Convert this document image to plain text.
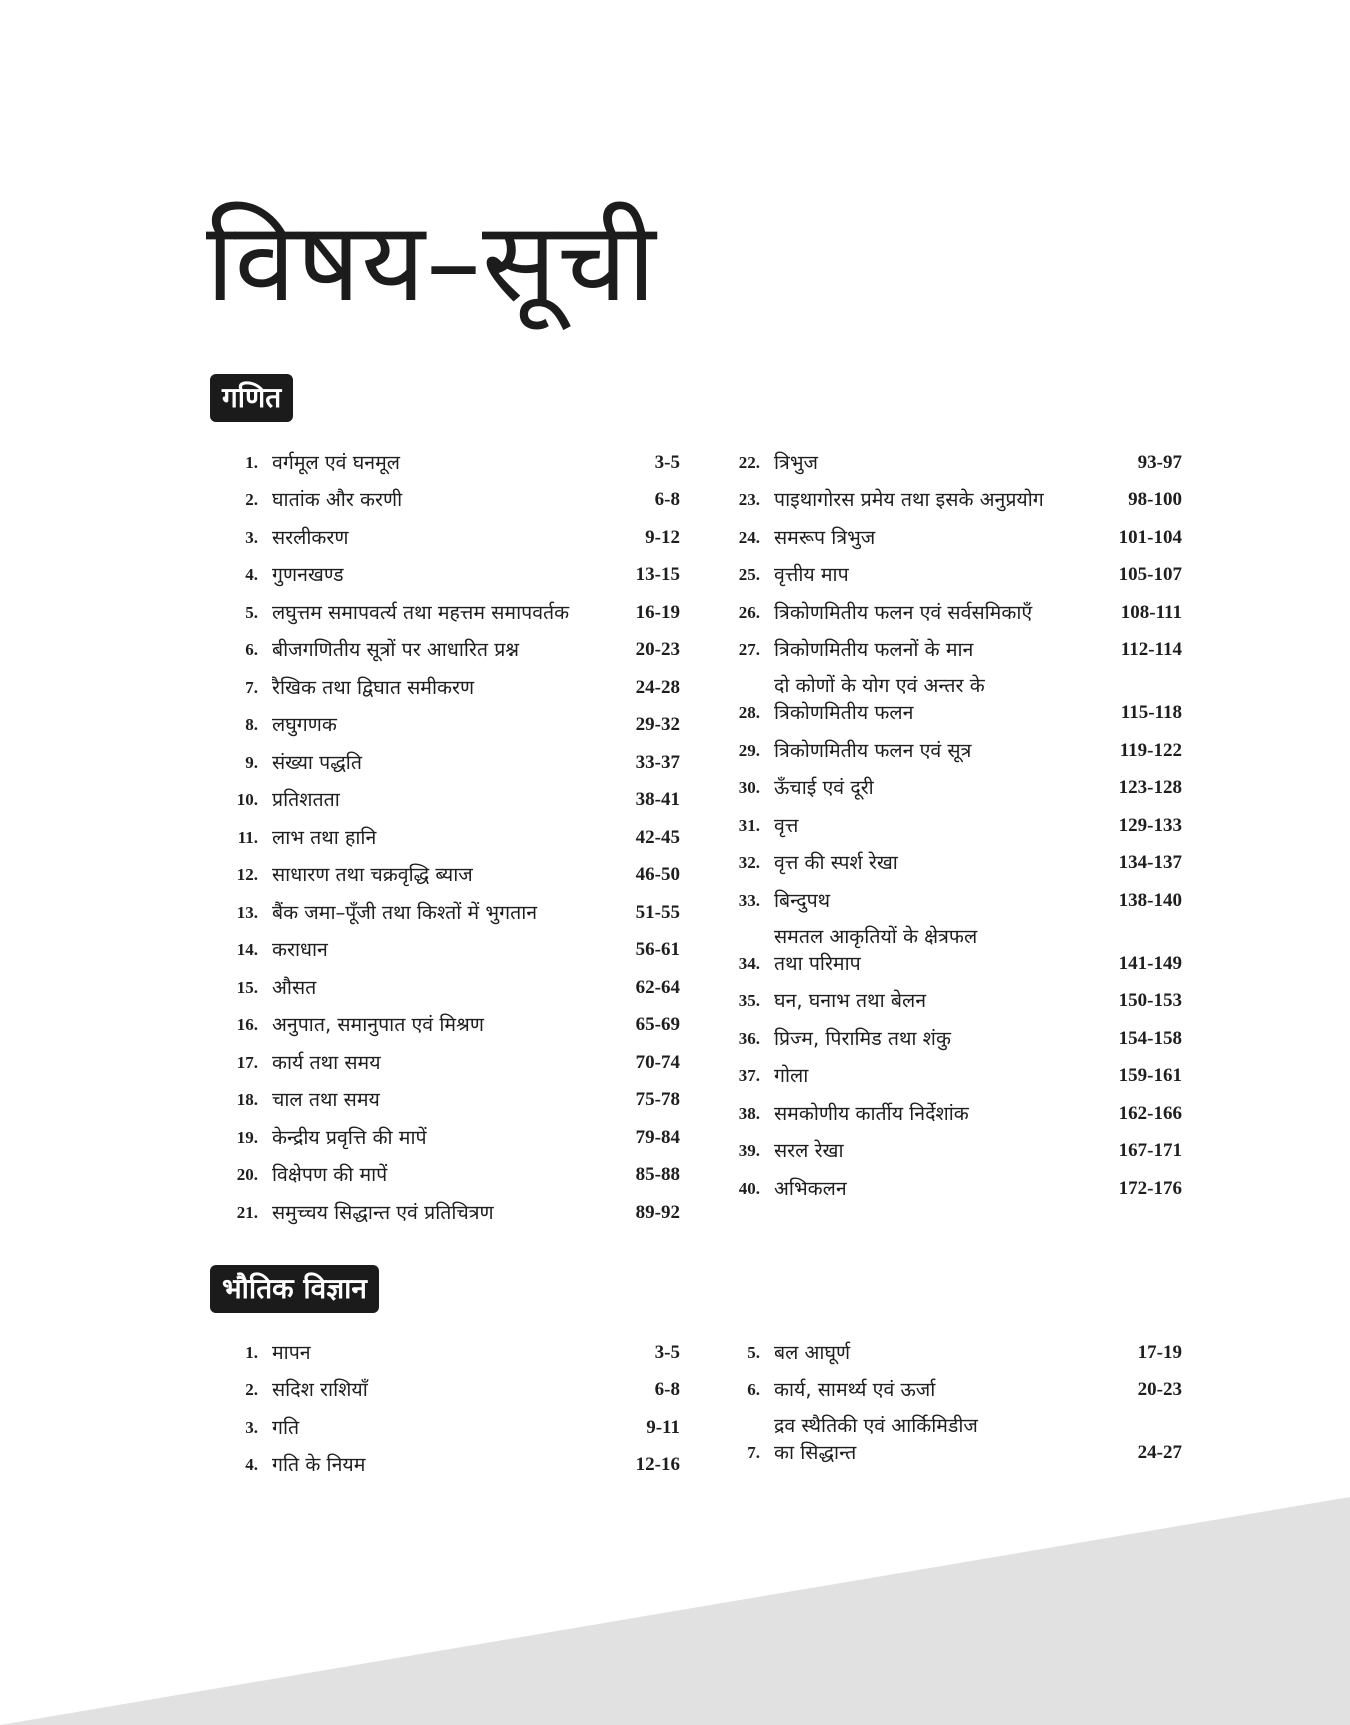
विषय–सूची
गणित
1. वर्गमूल एवं घनमूल	3-5
2. घातांक और करणी	6-8
3. सरलीकरण	9-12
4. गुणनखण्ड	13-15
5. लघुत्तम समापवर्त्य तथा महत्तम समापवर्तक	16-19
6. बीजगणितीय सूत्रों पर आधारित प्रश्न	20-23
7. रैखिक तथा द्विघात समीकरण	24-28
8. लघुगणक	29-32
9. संख्या पद्धति	33-37
10. प्रतिशतता	38-41
11. लाभ तथा हानि	42-45
12. साधारण तथा चक्रवृद्धि ब्याज	46-50
13. बैंक जमा–पूँजी तथा किश्तों में भुगतान	51-55
14. कराधान	56-61
15. औसत	62-64
16. अनुपात, समानुपात एवं मिश्रण	65-69
17. कार्य तथा समय	70-74
18. चाल तथा समय	75-78
19. केन्द्रीय प्रवृत्ति की मापें	79-84
20. विक्षेपण की मापें	85-88
21. समुच्चय सिद्धान्त एवं प्रतिचित्रण	89-92
22. त्रिभुज	93-97
23. पाइथागोरस प्रमेय तथा इसके अनुप्रयोग	98-100
24. समरूप त्रिभुज	101-104
25. वृत्तीय माप	105-107
26. त्रिकोणमितीय फलन एवं सर्वसमिकाएँ	108-111
27. त्रिकोणमितीय फलनों के मान	112-114
28.
दो कोणों के योग एवं अन्तर के
त्रिकोणमितीय फलन	115-118
29. त्रिकोणमितीय फलन एवं सूत्र	119-122
30. ऊँचाई एवं दूरी	123-128
31. वृत्त	129-133
32. वृत्त की स्पर्श रेखा	134-137
33. बिन्दुपथ	138-140
34.
समतल आकृतियों के क्षेत्रफल
तथा परिमाप	141-149
35. घन, घनाभ तथा बेलन	150-153
36. प्रिज्म, पिरामिड तथा शंकु	154-158
37. गोला	159-161
38. समकोणीय कार्तीय निर्देशांक	162-166
39. सरल रेखा	167-171
40. अभिकलन	172-176
भौतिक विज्ञान
1. मापन	3-5
2. सदिश राशियाँ	6-8
3. गति	9-11
4. गति के नियम	12-16
5. बल आघूर्ण	17-19
6. कार्य, सामर्थ्य एवं ऊर्जा	20-23
7.
द्रव स्थैतिकी एवं आर्किमिडीज
का सिद्धान्त	24-27
